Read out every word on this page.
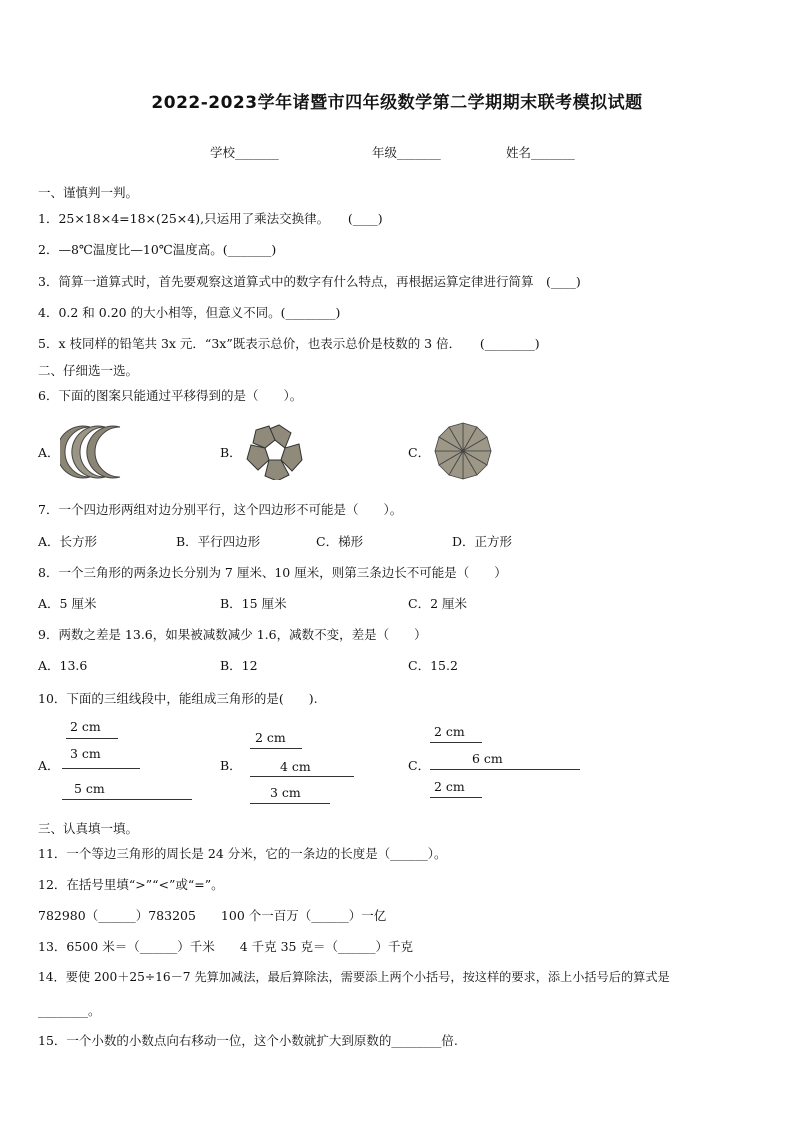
2022-2023学年诸暨市四年级数学第二学期期末联考模拟试题
学校_______	年级_______	姓名_______
一、谨慎判一判。
1．25×18×4=18×(25×4),只运用了乘法交换律。　　(____)
2．—8℃温度比—10℃温度高。(_______)
3．简算一道算式时，首先要观察这道算式中的数字有什么特点，再根据运算定律进行简算　(____)
4．0.2 和 0.20 的大小相等，但意义不同。(________)
5．x 枝同样的铅笔共 3x 元．“3x”既表示总价，也表示总价是枝数的 3 倍．　　(________)
二、仔细选一选。
6．下面的图案只能通过平移得到的是（　　）。
A．	B．	C．
7．一个四边形两组对边分别平行，这个四边形不可能是（　　）。
A．长方形	B．平行四边形	C．梯形	D．正方形
8．一个三角形的两条边长分别为 7 厘米、10 厘米，则第三条边长不可能是（　　）
A．5 厘米	B．15 厘米	C．2 厘米
9．两数之差是 13.6，如果被减数减少 1.6，减数不变，差是（　　）
A．13.6	B．12	C．15.2
10．下面的三组线段中，能组成三角形的是(　　).
A．
2 cm
3 cm
5 cm
B．
2 cm
4 cm
3 cm
C．
2 cm
6 cm
2 cm
三、认真填一填。
11．一个等边三角形的周长是 24 分米，它的一条边的长度是（______）。
12．在括号里填“>”“<”或“=”。
782980（______）783205　　100 个一百万（______）一亿
13．6500 米＝（______）千米　　4 千克 35 克＝（______）千克
14．要使 200＋25÷16－7 先算加减法，最后算除法，需要添上两个小括号，按这样的要求，添上小括号后的算式是
________。
15．一个小数的小数点向右移动一位，这个小数就扩大到原数的________倍.
